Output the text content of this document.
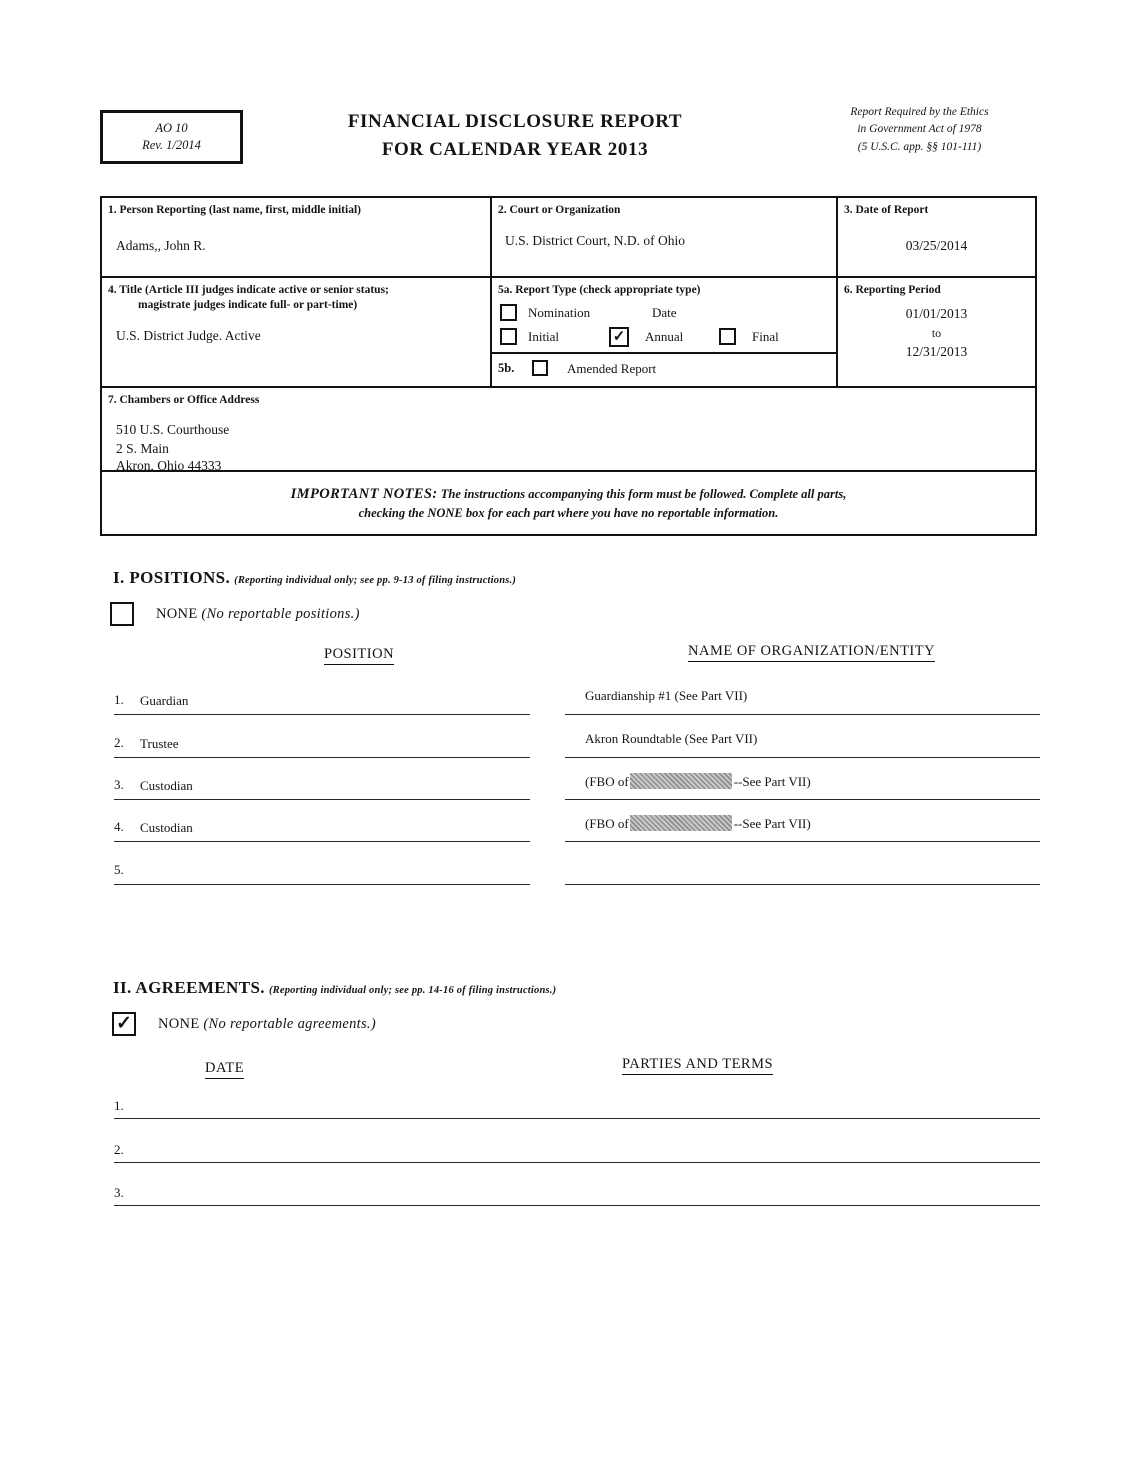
AO 10
Rev. 1/2014
FINANCIAL DISCLOSURE REPORT
FOR CALENDAR YEAR 2013
Report Required by the Ethics
in Government Act of 1978
(5 U.S.C. app. §§ 101-111)
1. Person Reporting (last name, first, middle initial)
Adams,, John R.
2. Court or Organization
U.S. District Court, N.D. of Ohio
3. Date of Report
03/25/2014
4. Title (Article III judges indicate active or senior status;
magistrate judges indicate full- or part-time)
U.S. District Judge. Active
5a. Report Type (check appropriate type)
Nomination	Date
Initial	✓ Annual	Final
5b.	Amended Report
6. Reporting Period
01/01/2013
to
12/31/2013
7. Chambers or Office Address
510 U.S. Courthouse
2 S. Main
Akron, Ohio 44333
IMPORTANT NOTES: The instructions accompanying this form must be followed. Complete all parts,
checking the NONE box for each part where you have no reportable information.
I. POSITIONS. (Reporting individual only; see pp. 9-13 of filing instructions.)
NONE (No reportable positions.)
POSITION	NAME OF ORGANIZATION/ENTITY
1. Guardian	Guardianship #1 (See Part VII)
2. Trustee	Akron Roundtable (See Part VII)
3. Custodian	(FBO of	--See Part VII)
4. Custodian	(FBO of	--See Part VII)
5.
II. AGREEMENTS. (Reporting individual only; see pp. 14-16 of filing instructions.)
✓ NONE (No reportable agreements.)
DATE	PARTIES AND TERMS
1.
2.
3.
